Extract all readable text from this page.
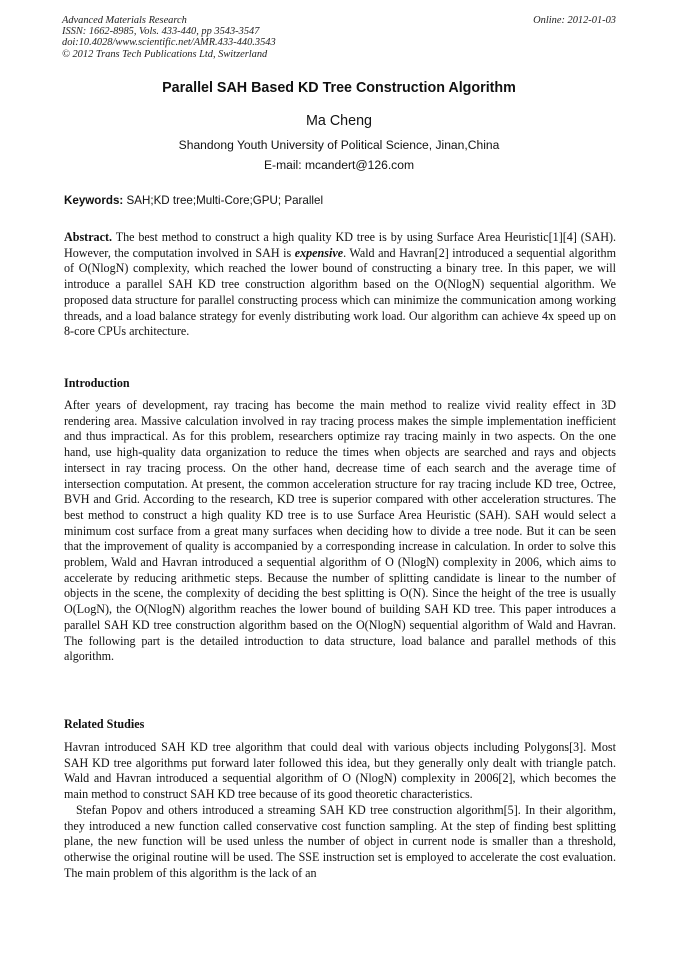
Advanced Materials Research
ISSN: 1662-8985, Vols. 433-440, pp 3543-3547
doi:10.4028/www.scientific.net/AMR.433-440.3543
© 2012 Trans Tech Publications Ltd, Switzerland
Online: 2012-01-03
Parallel SAH Based KD Tree Construction Algorithm
Ma Cheng
Shandong Youth University of Political Science, Jinan,China
E-mail: mcandert@126.com
Keywords: SAH;KD tree;Multi-Core;GPU; Parallel

Abstract. The best method to construct a high quality KD tree is by using Surface Area Heuristic[1][4] (SAH). However, the computation involved in SAH is expensive. Wald and Havran[2] introduced a sequential algorithm of O(NlogN) complexity, which reached the lower bound of constructing a binary tree. In this paper, we will introduce a parallel SAH KD tree construction algorithm based on the O(NlogN) sequential algorithm. We proposed data structure for parallel constructing process which can minimize the communication among working threads, and a load balance strategy for evenly distributing work load. Our algorithm can achieve 4x speed up on 8-core CPUs architecture.

Introduction

After years of development, ray tracing has become the main method to realize vivid reality effect in 3D rendering area. Massive calculation involved in ray tracing process makes the simple implementation inefficient and thus impractical. As for this problem, researchers optimize ray tracing mainly in two aspects. On the one hand, use high-quality data organization to reduce the times when objects are searched and rays and objects intersect in ray tracing process. On the other hand, decrease time of each search and the average time of intersection computation. At present, the common acceleration structure for ray tracing include KD tree, Octree, BVH and Grid. According to the research, KD tree is superior compared with other acceleration structures. The best method to construct a high quality KD tree is to use Surface Area Heuristic (SAH). SAH would select a minimum cost surface from a great many surfaces when deciding how to divide a tree node. But it can be seen that the improvement of quality is accompanied by a corresponding increase in calculation. In order to solve this problem, Wald and Havran introduced a sequential algorithm of O (NlogN) complexity in 2006, which aims to accelerate by reducing arithmetic steps. Because the number of splitting candidate is linear to the number of objects in the scene, the complexity of deciding the best splitting is O(N). Since the height of the tree is usually O(LogN), the O(NlogN) algorithm reaches the lower bound of building SAH KD tree. This paper introduces a parallel SAH KD tree construction algorithm based on the O(NlogN) sequential algorithm of Wald and Havran. The following part is the detailed introduction to data structure, load balance and parallel methods of this algorithm.

Related Studies

Havran introduced SAH KD tree algorithm that could deal with various objects including Polygons[3]. Most SAH KD tree algorithms put forward later followed this idea, but they generally only dealt with triangle patch. Wald and Havran introduced a sequential algorithm of O (NlogN) complexity in 2006[2], which becomes the main method to construct SAH KD tree because of its good theoretic characteristics.

Stefan Popov and others introduced a streaming SAH KD tree construction algorithm[5]. In their algorithm, they introduced a new function called conservative cost function sampling. At the step of finding best splitting plane, the new function will be used unless the number of object in current node is smaller than a threshold, otherwise the original routine will be used. The SSE instruction set is employed to accelerate the cost evaluation. The main problem of this algorithm is the lack of an
